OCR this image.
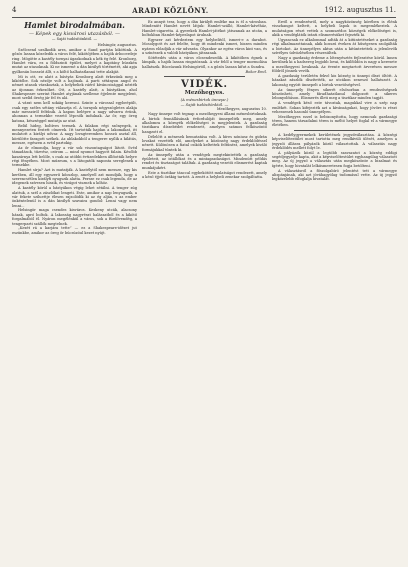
4	ARADI KÖZLÖNY.	1912. augusztus 11.
Hamlet birodalmában.
— Képek egy kisvárosi utazásból. —
— Saját tudósítónktól. —

Helsingör, augusztus.

Szélcsend uralkodik arra, amikor a Sund partján kikötünk. A gőzös lassan közeledik a város felé, kikötőjében a hajók árbocerdeje ring. Mögötte a kastély tornyai ágaskodnak a kék ég felé. Kronborg, Hamlet vára, ez a földszinti épület, melyet a kapitány büszkén mutat az utasoknak. Ki ne ismerné a dán királyfi történetét, aki apja gyilkosán bosszút állt, s a költő halhatatlanná tette alakját.

Mi is ott, ez alatt a bástyás Kronborg alatt érkezünk meg a kikötőbe. Sok nézője volt a hajónak. A parti sétányon angol és német utasok várakoztak, a helybeliek ráérő kíváncsisággal nézték az újonnan érkezőket. Ott, a kastély alatt, a bástyákon, ahol Shakespeare szerint Hamlet atyjának szelleme éjjelente megjelent, most szelíd őrség jár fel és alá.

A várat nem kell sokáig keresni. Szinte a várossal egybeépült, csak egy széles sétány választja el. A tornyok négyszögletes alakja már messziről feltűnik. A kapun belépve a nagy udvarra érünk, ahonnan a termekbe vezető lépcsők indulnak. Az őr, egy öreg katona, készséggel mutatja az utat.

Belül hideg, boltíves termek. A falakon régi szőnyegek, a mennyezeten festett címerek. Itt tartották hajdan a lakomákat, itt mulatott a királyi udvar. A nagy lovagteremben hosszú asztal áll, körülötte faragott székek. Az ablakokból a tengerre nyílik a kilátás, messze, egészen a svéd partokig.

Az őr elmondja, hogy a vár sok viszontagságot látott. Svéd támadások, tűzvész, ostrom — mind nyomot hagyott falain. Később kaszárnya lett belőle, s csak az utóbbi évtizedekben állították helyre régi fényében. Most múzeum, s a látogatók naponta sereglenek a termekbe.

Hamlet sírja? Azt is mutatják. A kastélytól nem messze, egy kis kertben, áll egy egyszerű kőoszlop, amelyről azt mondják, hogy a szerencsétlen királyfi nyugszik alatta. Persze ez csak legenda, de az idegenek szívesen hiszik, és virágot visznek a kőhöz.

A kastély körül a bástyákon végig lehet sétálni. A tenger zúg alattuk, a szél a zászlókat lengeti. Este, amikor a nap lenyugszik, a vár fekete sziluettje élesen rajzolódik ki az ég alján, s az ember önkéntelenül is a dán királyfi szavaira gondol: Lenni vagy nem lenni...

Helsingör maga csendes kisváros. Keskeny utcák, alacsony házak, apró boltok. A lakosság nagyrészt halászatból és a kikötő forgalmából él. Nyáron megélénkül a város, sok a fürdővendég, a tengerparti szállók megtelnek.

„Kezét rá a karjára tette” — ez a Shakespeare-idézet jut eszünkbe, amikor az öreg őr búcsúzóul kezet nyújt.

Ez annyit tesz, hogy a dán királyfi emléke ma is él a városban. Mindenütt Hamlet nevét látjuk: Hamlet-szálló, Hamlet-kávéház, Hamlet-cigaretta. A gyerekek Hamlet-játékot játszanak az utcán, a boltokban Hamlet-képeslapot árulnak.

Egyszer azt kérdeztem egy helybelitől, ismeri-e a darabot. Mosolygott és azt felelte, hogy itt mindenki ismeri, hiszen minden nyáron előadják a vár udvarán. Olyankor az egész város kint van, és a színészek a valódi bástyákon játszanak.

Sötétedés után a város elcsendesedik. A kikötőben égnek a lámpák, a hajók lassan ringatóznak. A vár felől a tenger mormolása hallatszik. Búcsúzunk Helsingörtől, s a gőzös lassan kifut a Sundra.

Bokor Emil.
VIDÉK.
Mezőhegyes.
(A ménesbirtok ünnepe.)
— Saját tudósítónktól. —

Mezőhegyes, augusztus 10.

Nagy ünnepe volt tegnap a mezőhegyesi állami ménesbirtoknak. A birtok fennállásának évfordulóját ünnepelték meg, amely alkalomra a környék előkelőségei is megjelentek. A gazdaság tisztikara díszebédet rendezett, amelyen számos felköszöntő hangzott el.

Délelőtt a ménesek bemutatása volt. A híres nóniusz és gidrán lovakat vezették elő, amelyeket a közönség nagy érdeklődéssel nézett. Különösen a fiatal csikók keltettek feltűnést, amelyek kiváló formájukkal tűntek ki.

Az ünnepély után a vendégek megtekintették a gazdaság épületeit, az istállókat és a mintagazdaságot. Mindenütt példás rendet és tisztaságot találtak. A gazdaság vezetői elismerést kaptak munkájukért.

Este a tisztikar tánccal egybekötött mulatságot rendezett, amely a késő éjjeli órákig tartott. A zenét a helybeli zenekar szolgáltatta.

Erről a rendezésről, mely a nagyközönség körében is élénk visszhangot keltett, a helybeli lapok is megemlékeztek. A mulatságon részt vettek a szomszédos községek előkelőségei is, akik a vendéglátók iránti elismerésüket fejezték ki.

Ugyancsak ez alkalommal adták át a kitüntetéseket a gazdaság régi alkalmazottainak, akik hosszú éveken át hűségesen szolgálták a birtokot. Az ünnepélyes aktus után a kitüntetettek a jelenlevők szívélyes üdvözlésében részesültek.

Nagy a gazdaság érdeme a lótenyésztés fejlesztése körül. Innen kerülnek ki a hadsereg legjobb lovai, és külföldön is nagy a keresete a mezőhegyesi lovaknak. Az évente megtartott árverésen messze földről jönnek vevők.

A gazdaság területén fekvő kis község is ünnepi díszt öltött. A házakat zászlók díszítették, az utcákon zeneszó hallatszott. A lakosság együtt ünnepelt a birtok vezetőségével.

Az ünnepély fényes sikerét elsősorban a rendezőségnek köszönheti, amely fáradhatatlanul dolgozott a sikeres lebonyolításon. Elismerés illeti meg a tisztikar minden tagját.

A vendégek késő este távoztak, magukkal vive a szép nap emlékét. Sokan kifejezték azt a kívánságukat, hogy jövőre is részt vehessenek hasonló ünnepélyen.

Mezőhegyes ezzel is bebizonyította, hogy nemcsak gazdasági téren, hanem társadalmi téren is méltó helyet foglal el a vármegye életében.

A kedélygyermekek kerületének jegyzőválasztása. A községi képviselőtestület most tartotta meg rendkívüli ülését, amelyen a jegyzői állásra pályázók közül választottak. A választás nagy érdeklődés mellett folyt le.

A pályázók közül a legtöbb szavazatot a község eddigi segédjegyzője kapta, akit a képviselőtestület egyhangúlag választott meg. Az új jegyző a választás után megköszönte a bizalmat és ígérte, hogy hivatalát lelkiismeretesen fogja betölteni.

A választásról a főszolgabíró jelentést tett a vármegye alispánjának, aki azt jóváhagyólag tudomásul vette. Az új jegyző legközelebb elfoglalja hivatalát.
